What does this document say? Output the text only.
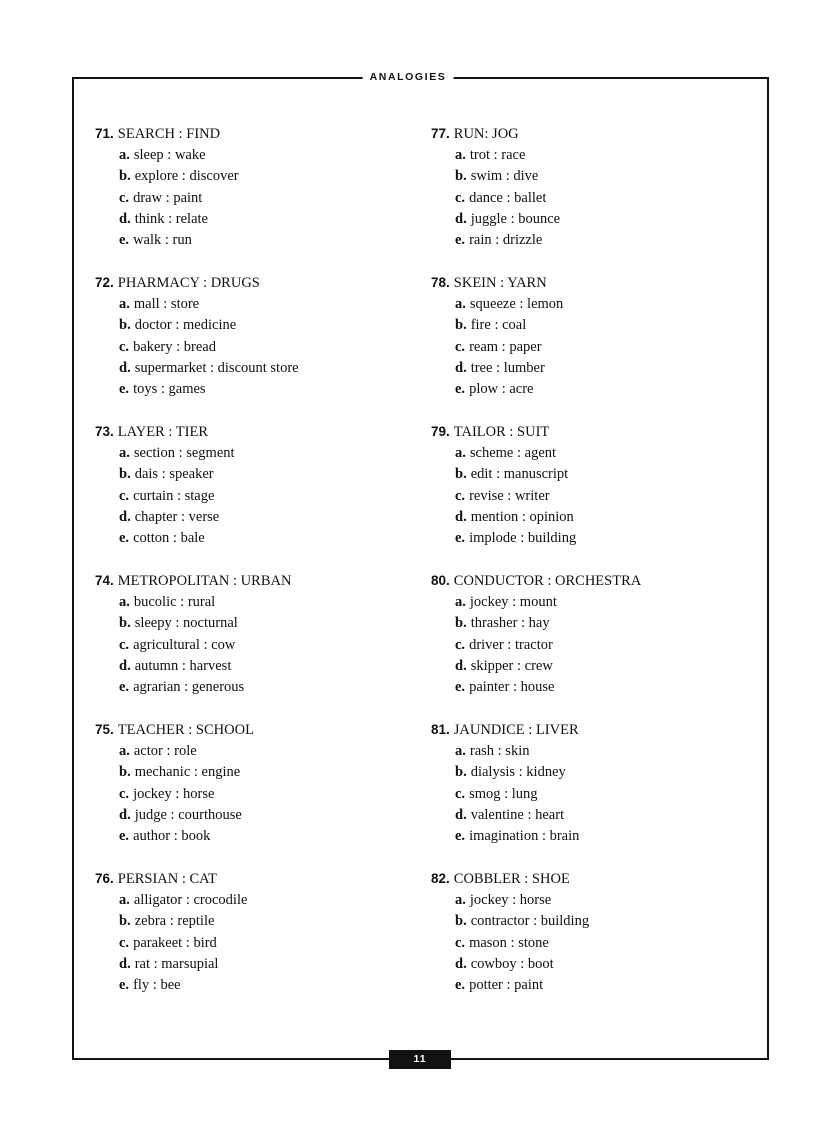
ANALOGIES
71. SEARCH : FIND
a. sleep : wake
b. explore : discover
c. draw : paint
d. think : relate
e. walk : run
72. PHARMACY : DRUGS
a. mall : store
b. doctor : medicine
c. bakery : bread
d. supermarket : discount store
e. toys : games
73. LAYER : TIER
a. section : segment
b. dais : speaker
c. curtain : stage
d. chapter : verse
e. cotton : bale
74. METROPOLITAN : URBAN
a. bucolic : rural
b. sleepy : nocturnal
c. agricultural : cow
d. autumn : harvest
e. agrarian : generous
75. TEACHER : SCHOOL
a. actor : role
b. mechanic : engine
c. jockey : horse
d. judge : courthouse
e. author : book
76. PERSIAN : CAT
a. alligator : crocodile
b. zebra : reptile
c. parakeet : bird
d. rat : marsupial
e. fly : bee
77. RUN: JOG
a. trot : race
b. swim : dive
c. dance : ballet
d. juggle : bounce
e. rain : drizzle
78. SKEIN : YARN
a. squeeze : lemon
b. fire : coal
c. ream : paper
d. tree : lumber
e. plow : acre
79. TAILOR : SUIT
a. scheme : agent
b. edit : manuscript
c. revise : writer
d. mention : opinion
e. implode : building
80. CONDUCTOR : ORCHESTRA
a. jockey : mount
b. thrasher : hay
c. driver : tractor
d. skipper : crew
e. painter : house
81. JAUNDICE : LIVER
a. rash : skin
b. dialysis : kidney
c. smog : lung
d. valentine : heart
e. imagination : brain
82. COBBLER : SHOE
a. jockey : horse
b. contractor : building
c. mason : stone
d. cowboy : boot
e. potter : paint
11
